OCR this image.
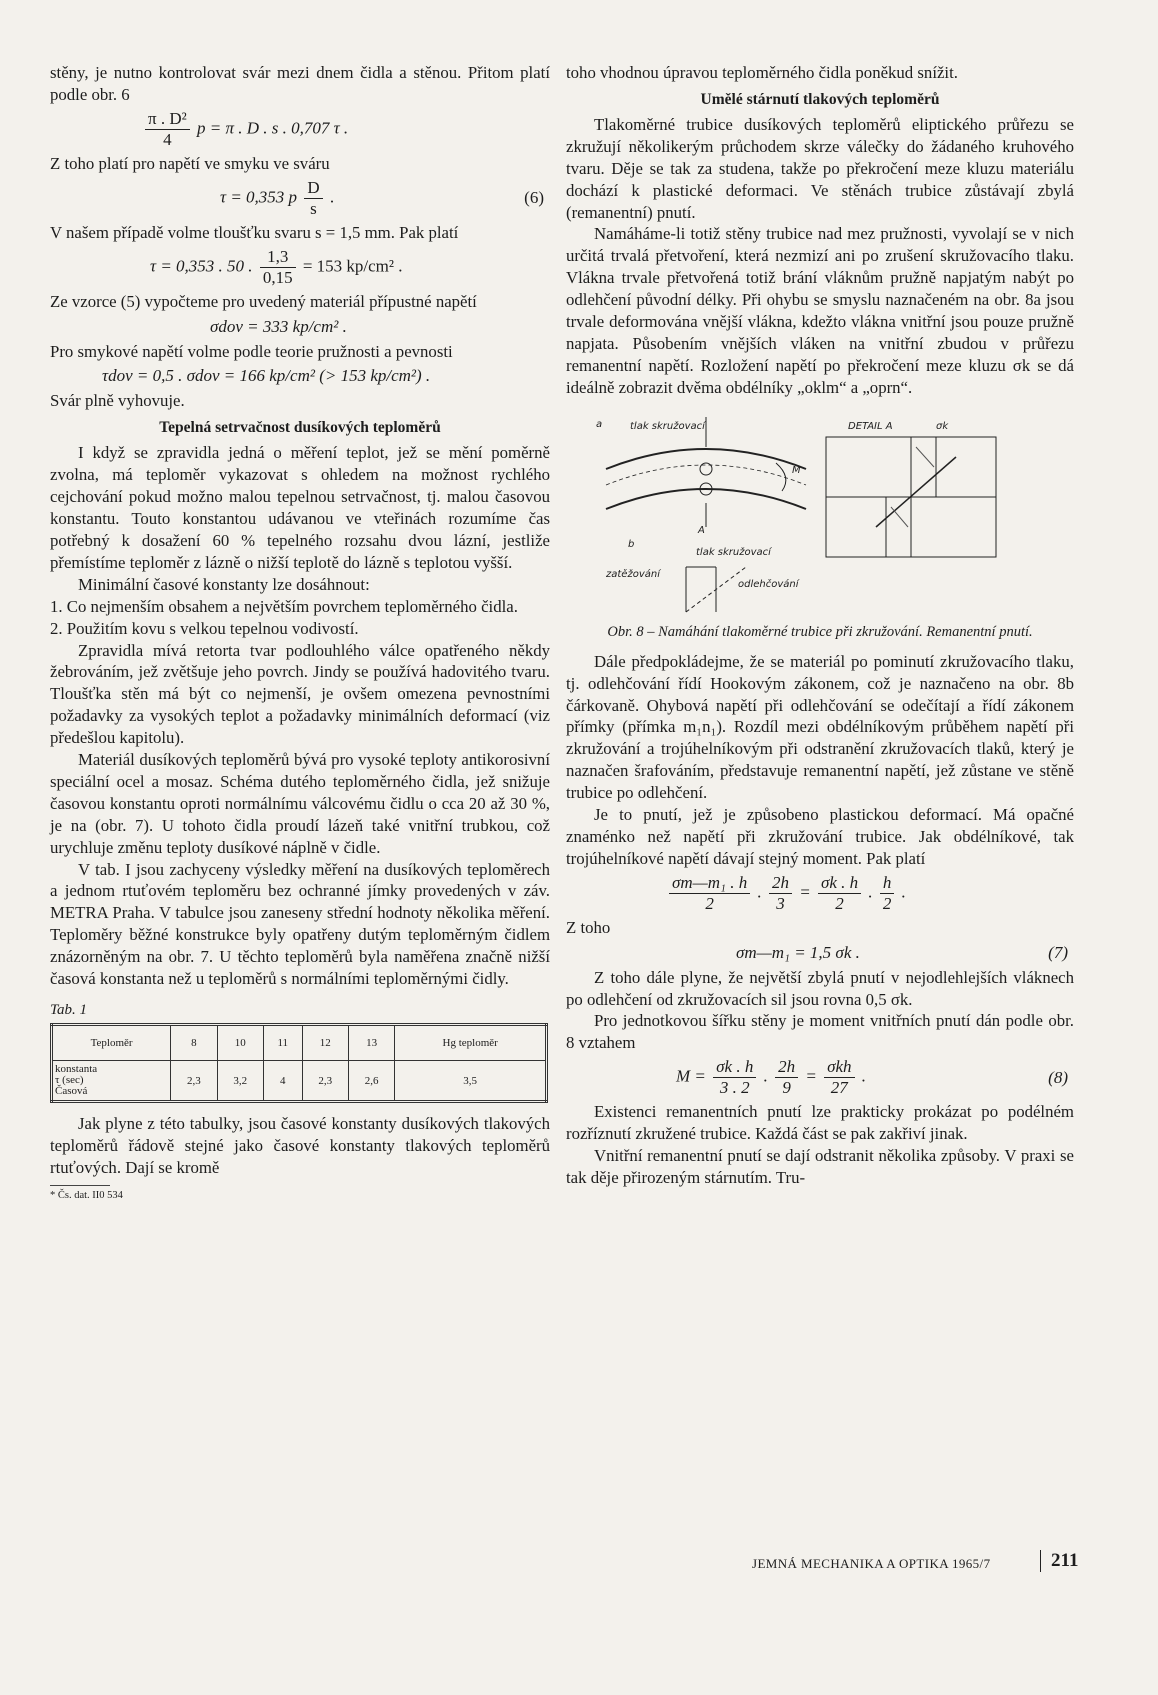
stěny, je nutno kontrolovat svár mezi dnem čidla a stěnou. Přitom platí podle obr. 6

$\frac{\text{π . D²}}{4}$ p = π . D . s . 0,707 τ .

Z toho platí pro napětí ve smyku ve sváru

τ = 0,353 p $\frac{D}{s}$ .	(6)

V našem případě volme tloušťku svaru s = 1,5 mm. Pak platí

τ = 0,353 . 50 . $\frac{1,3}{0,15} = 153$ kp/cm² .

Ze vzorce (5) vypočteme pro uvedený materiál přípustné napětí

σdov = 333 kp/cm² .

Pro smykové napětí volme podle teorie pružnosti a pevnosti

τdov = 0,5 . σdov = 166 kp/cm² (> 153 kp/cm²) .

Svár plně vyhovuje.

Tepelná setrvačnost dusíkových teploměrů

I když se zpravidla jedná o měření teplot, jež se mění poměrně zvolna, má teploměr vykazovat s ohledem na možnost rychlého cejchování pokud možno malou tepelnou setrvačnost, tj. malou časovou konstantu. Touto konstantou udávanou ve vteřinách rozumíme čas potřebný k dosažení 60 % tepelného rozsahu dvou lázní, jestliže přemístíme teploměr z lázně o nižší teplotě do lázně s teplotou vyšší.

Minimální časové konstanty lze dosáhnout:

1. Co nejmenším obsahem a největším povrchem teploměrného čidla.

2. Použitím kovu s velkou tepelnou vodivostí.

Zpravidla mívá retorta tvar podlouhlého válce opatřeného někdy žebrováním, jež zvětšuje jeho povrch. Jindy se používá hadovitého tvaru. Tloušťka stěn má být co nejmenší, je ovšem omezena pevnostními požadavky za vysokých teplot a požadavky minimálních deformací (viz předešlou kapitolu).

Materiál dusíkových teploměrů bývá pro vysoké teploty antikorosivní speciální ocel a mosaz. Schéma dutého teploměrného čidla, jež snižuje časovou konstantu oproti normálnímu válcovému čidlu o cca 20 až 30 %, je na (obr. 7). U tohoto čidla proudí lázeň také vnitřní trubkou, což urychluje změnu teploty dusíkové náplně v čidle.

V tab. I jsou zachyceny výsledky měření na dusíkových teploměrech a jednom rtuťovém teploměru bez ochranné jímky provedených v záv. METRA Praha. V tabulce jsou zaneseny střední hodnoty několika měření. Teploměry běžné konstrukce byly opatřeny dutým teploměrným čidlem znázorněným na obr. 7. U těchto teploměrů byla naměřena značně nižší časová konstanta než u teploměrů s normálními teploměrnými čidly.

Tab. 1
Teploměr	8	10	11	12	13	Hg teploměr

konstanta
τ (sec)
Časová	2,3	3,2	4	2,3	2,6	3,5

Jak plyne z této tabulky, jsou časové konstanty dusíkových tlakových teploměrů řádově stejné jako časové konstanty tlakových teploměrů rtuťových. Dají se kromě

* Čs. dat. II0 534

toho vhodnou úpravou teploměrného čidla poněkud snížit.

Umělé stárnutí tlakových teploměrů

Tlakoměrné trubice dusíkových teploměrů eliptického průřezu se zkružují několikerým průchodem skrze válečky do žádaného kruhového tvaru. Děje se tak za studena, takže po překročení meze kluzu materiálu dochází k plastické deformaci. Ve stěnách trubice zůstávají zbylá (remanentní) pnutí.

Namáháme-li totiž stěny trubice nad mez pružnosti, vyvolají se v nich určitá trvalá přetvoření, která nezmizí ani po zrušení skružovacího tlaku. Vlákna trvale přetvořená totiž brání vláknům pružně napjatým nabýt po odlehčení původní délky. Při ohybu se smyslu naznačeném na obr. 8a jsou trvale deformována vnější vlákna, kdežto vlákna vnitřní jsou pouze pružně napjata. Působením vnějších vláken na vnitřní zbudou v průřezu remanentní napětí. Rozložení napětí po překročení meze kluzu σk se dá ideálně zobrazit dvěma obdélníky „oklm“ a „oprn“.

a	tlak skružovací
A
M
DETAIL A	σk
b
tlak skružovací
zatěžování
odlehčování
Obr. 8 – Namáhání tlakoměrné trubice při zkružování. Remanentní pnutí.

Dále předpokládejme, že se materiál po pominutí zkružovacího tlaku, tj. odlehčování řídí Hookovým zákonem, což je naznačeno na obr. 8b čárkovaně. Ohybová napětí při odlehčování se odečítají a řídí zákonem přímky (přímka m₁n₁). Rozdíl mezi obdélníkovým průběhem napětí při zkružování a trojúhelníkovým při odstranění zkružovacích tlaků, který je naznačen šrafováním, představuje remanentní napětí, jež zůstane ve stěně trubice po odlehčení.

Je to pnutí, jež je způsobeno plastickou deformací. Má opačné znaménko než napětí při zkružování trubice. Jak obdélníkové, tak trojúhelníkové napětí dávají stejný moment. Pak platí

$\frac{\text{σm—m₁ . h}}{2}$ . $\frac{2h}{3} = \frac{\sigma k . h}{2}$ . $\frac{h}{2}$ .

Z toho

σm—m₁ = 1,5 σk .	(7)

Z toho dále plyne, že největší zbylá pnutí v nejodlehlejších vláknech po odlehčení od zkružovacích sil jsou rovna 0,5 σk.

Pro jednotkovou šířku stěny je moment vnitřních pnutí dán podle obr. 8 vztahem

$M = \frac{\sigma k . h}{3 . 2}$ . $\frac{2h}{9} = \frac{\text{σkh}}{27}$ .	(8)

Existenci remanentních pnutí lze prakticky prokázat po podélném rozříznutí zkružené trubice. Každá část se pak zakřiví jinak.

Vnitřní remanentní pnutí se dají odstranit několika způsoby. V praxi se tak děje přirozeným stárnutím. Tru-

JEMNÁ MECHANIKA A OPTIKA 1965/7	211
